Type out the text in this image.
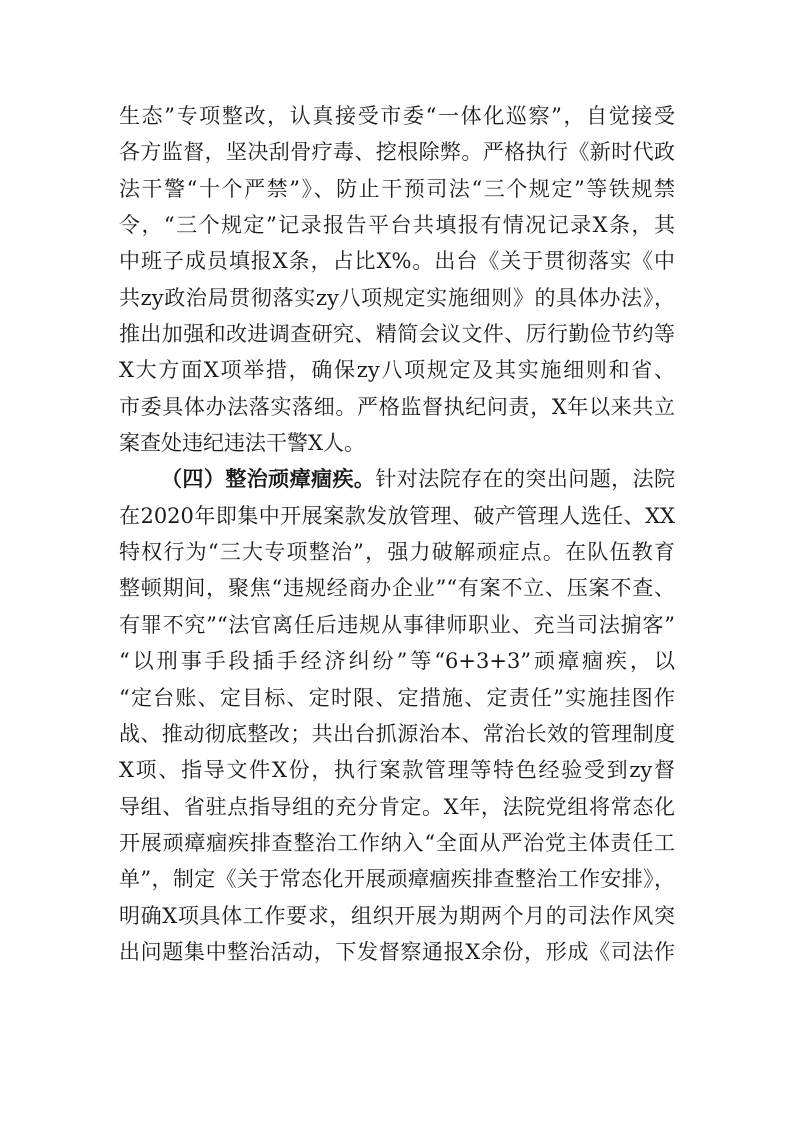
生态”专项整改，认真接受市委“一体化巡察”，自觉接受
各方监督，坚决刮骨疗毒、挖根除弊。严格执行《新时代政
法干警“十个严禁”》、防止干预司法“三个规定”等铁规禁
令，“三个规定”记录报告平台共填报有情况记录X条，其
中班子成员填报X条，占比X%。出台《关于贯彻落实《中
共zy政治局贯彻落实zy八项规定实施细则》的具体办法》，
推出加强和改进调查研究、精简会议文件、厉行勤俭节约等
X大方面X项举措，确保zy八项规定及其实施细则和省、
市委具体办法落实落细。严格监督执纪问责，X年以来共立
案查处违纪违法干警X人。
（四）整治顽瘴痼疾。针对法院存在的突出问题，法院
在2020年即集中开展案款发放管理、破产管理人选任、XX
特权行为“三大专项整治”，强力破解顽症点。在队伍教育
整顿期间，聚焦“违规经商办企业”“有案不立、压案不查、
有罪不究”“法官离任后违规从事律师职业、充当司法掮客”
“以刑事手段插手经济纠纷”等“6+3+3”顽瘴痼疾，以
“定台账、定目标、定时限、定措施、定责任”实施挂图作
战、推动彻底整改；共出台抓源治本、常治长效的管理制度
X项、指导文件X份，执行案款管理等特色经验受到zy督
导组、省驻点指导组的充分肯定。X年，法院党组将常态化
开展顽瘴痼疾排查整治工作纳入“全面从严治党主体责任工
单”，制定《关于常态化开展顽瘴痼疾排查整治工作安排》，
明确X项具体工作要求，组织开展为期两个月的司法作风突
出问题集中整治活动，下发督察通报X余份，形成《司法作
